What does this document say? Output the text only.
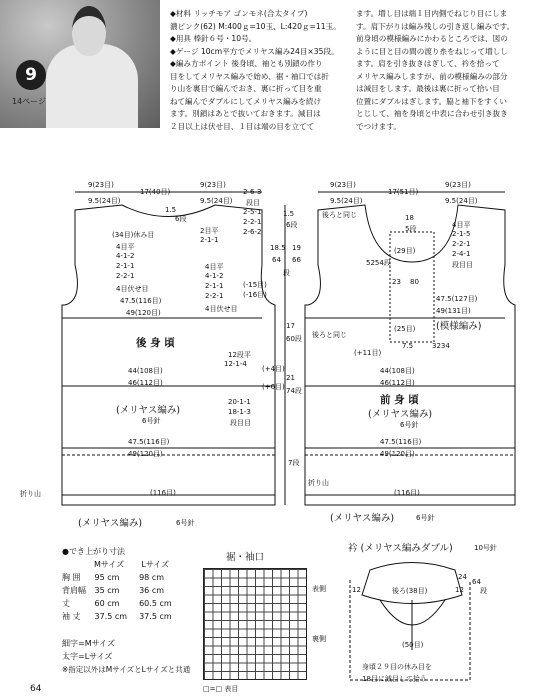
9
14ページ
◆材料 リッチモア ゴンモネ(合太タイプ)
濃ピンク(62) M:400ｇ=10玉、L:420ｇ=11玉。
◆用具 棒針６号・10号。
◆ゲージ 10cm平方でメリヤス編み24目×35段。
◆編み方ポイント 後身頃、袖とも別鎖の作り
目をしてメリヤス編みで始め、裾・袖口では折
り山を裏目で編んでおき、裏に折って目を重
ねて編んでダブルにしてメリヤス編みを続け
ます。別鎖はあとで抜いておきます。減目は
２目以上は伏せ目、１目は端の目を立てて
ます。増し目は端１目内側でねじり目にしま
す。肩下がりは編み残しの引き返し編みです。
前身頃の模様編みにかわるところでは、図の
ように目と目の間の渡り糸をねじって増しし
ます。肩を引き抜きはぎして、衿を拾って
メリヤス編みしますが、前の模様編みの部分
は減目をします。最後は裏に折って拾い目
位置にダブルはぎします。脇と袖下をすくい
とじして、袖を身頃と中表に合わせ引き抜き
でつけます。
9(23目)
9.5(24目)
17(40目)
9(23目)
9.5(24目)
2-6-3
段目
2-5-1
2-2-1
2-6-2
1.5
6段
(34目)休み目
4目平
4-1-2
2-1-1
2-2-1
4目伏せ目
2目平
2-1-1
4目平
4-1-2
2-1-1
2-2-1
4目伏せ目
47.5(116目)
49(120目)
後 身 頃
12段平
12-1-4
44(108目)
46(112目)
(メリヤス編み)
6号針
20-1-1
18-1-3
段目目
47.5(116目)
49(120目)
折り山	(116目)
(メリヤス編み)	6号針
1.5
6段
18.5 19
64 66
段
(-15目)
(-16目)
17
60段
(+4目)
(+6目)
21
74段
7段
後ろと同じ
9(23目)
9.5(24目)
17(51目)
9(23目)
9.5(24目)
後ろと同じ	18
5段	4目平
2-1-5
2-2-1
2-4-1
段目目
(29目)
5254段
23 80
47.5(127目)
49(131目)
(模様編み)
(25目)
7.5	3234
(+11目)
44(108目)
46(112目)
前 身 頃
(メリヤス編み)
6号針
47.5(116目)
49(120目)
折り山
(116目)
(メリヤス編み)	6号針
●でき上がり寸法
Mサイズ Lサイズ
胸 囲 95 cm 98 cm
背肩幅 35 cm 36 cm
丈	60 cm 60.5 cm
袖 丈 37.5 cm 37.5 cm
細字=Mサイズ
太字=Lサイズ
※指定以外はMサイズとLサイズと共通
裾・袖口
表側
裏側
□=□ 表目
衿 (メリヤス編みダブル)	10号針
後ろ(38目)
24
64
12	12 段
(50目)
身頃２９目の休み目を
18目に減目して拾う
64
